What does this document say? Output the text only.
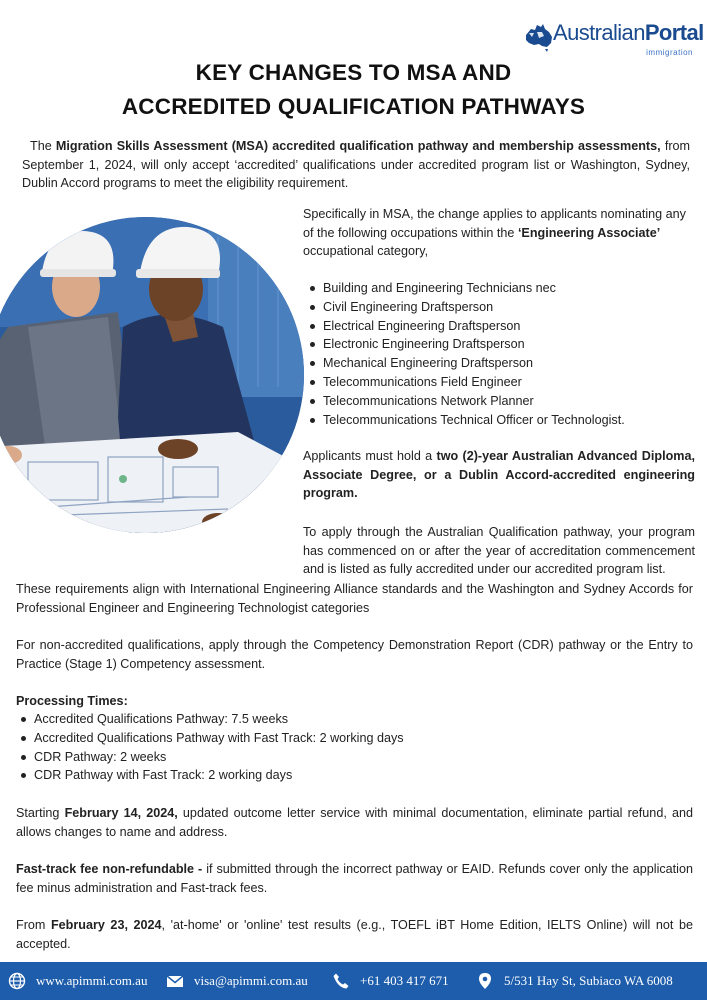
AustralianPortal
immigration
KEY CHANGES TO MSA AND
ACCREDITED QUALIFICATION PATHWAYS

The Migration Skills Assessment (MSA) accredited qualification pathway and membership assessments, from September 1, 2024, will only accept ‘accredited’ qualifications under accredited program list or Washington, Sydney, Dublin Accord programs to meet the eligibility requirement.

Specifically in MSA, the change applies to applicants nominating any of the following occupations within the ‘Engineering Associate’ occupational category,

Building and Engineering Technicians nec
Civil Engineering Draftsperson
Electrical Engineering Draftsperson
Electronic Engineering Draftsperson
Mechanical Engineering Draftsperson
Telecommunications Field Engineer
Telecommunications Network Planner
Telecommunications Technical Officer or Technologist.

Applicants must hold a two (2)-year Australian Advanced Diploma, Associate Degree, or a Dublin Accord-accredited engineering program.

To apply through the Australian Qualification pathway, your program has commenced on or after the year of accreditation commencement and is listed as fully accredited under our accredited program list.

These requirements align with International Engineering Alliance standards and the Washington and Sydney Accords for Professional Engineer and Engineering Technologist categories

For non-accredited qualifications, apply through the Competency Demonstration Report (CDR) pathway or the Entry to Practice (Stage 1) Competency assessment.

Processing Times:
Accredited Qualifications Pathway: 7.5 weeks
Accredited Qualifications Pathway with Fast Track: 2 working days
CDR Pathway: 2 weeks
CDR Pathway with Fast Track: 2 working days

Starting February 14, 2024, updated outcome letter service with minimal documentation, eliminate partial refund, and allows changes to name and address.

Fast-track fee non-refundable - if submitted through the incorrect pathway or EAID. Refunds cover only the application fee minus administration and Fast-track fees.

From February 23, 2024, 'at-home' or 'online' test results (e.g., TOEFL iBT Home Edition, IELTS Online) will not be accepted.

www.apimmi.com.au	visa@apimmi.com.au	+61 403 417 671	5/531 Hay St, Subiaco WA 6008
